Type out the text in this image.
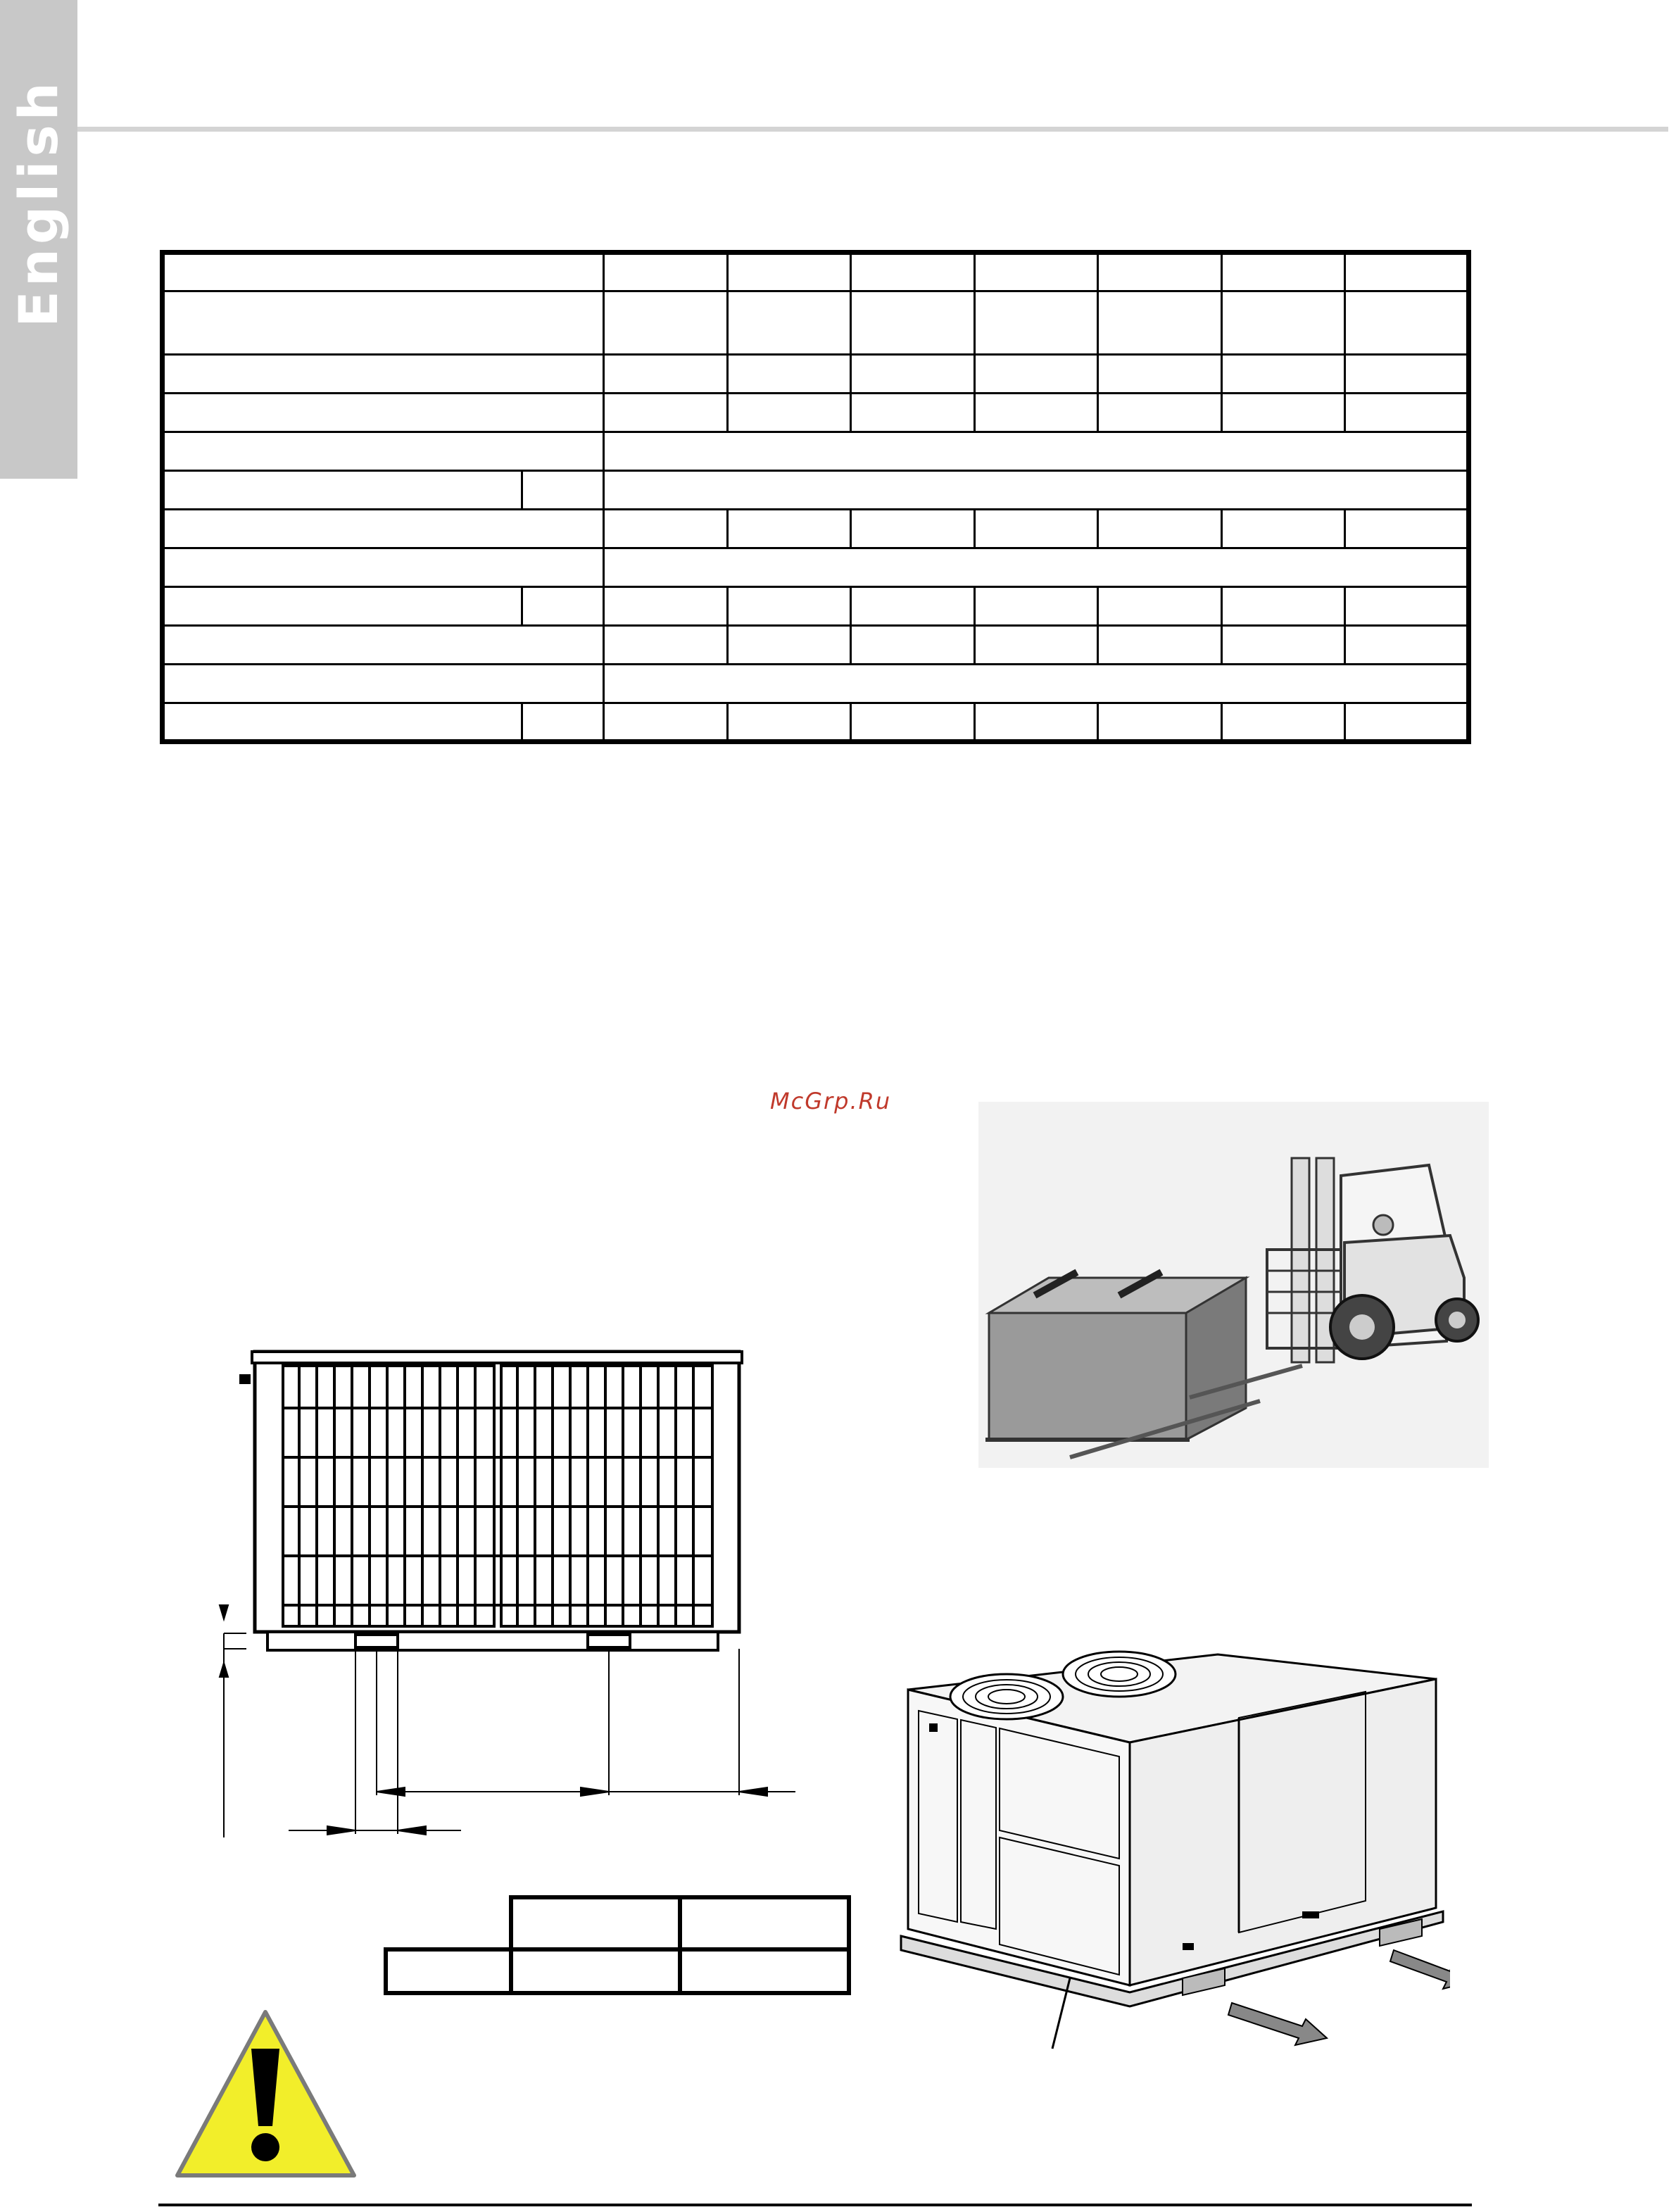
English

McGrp.Ru
